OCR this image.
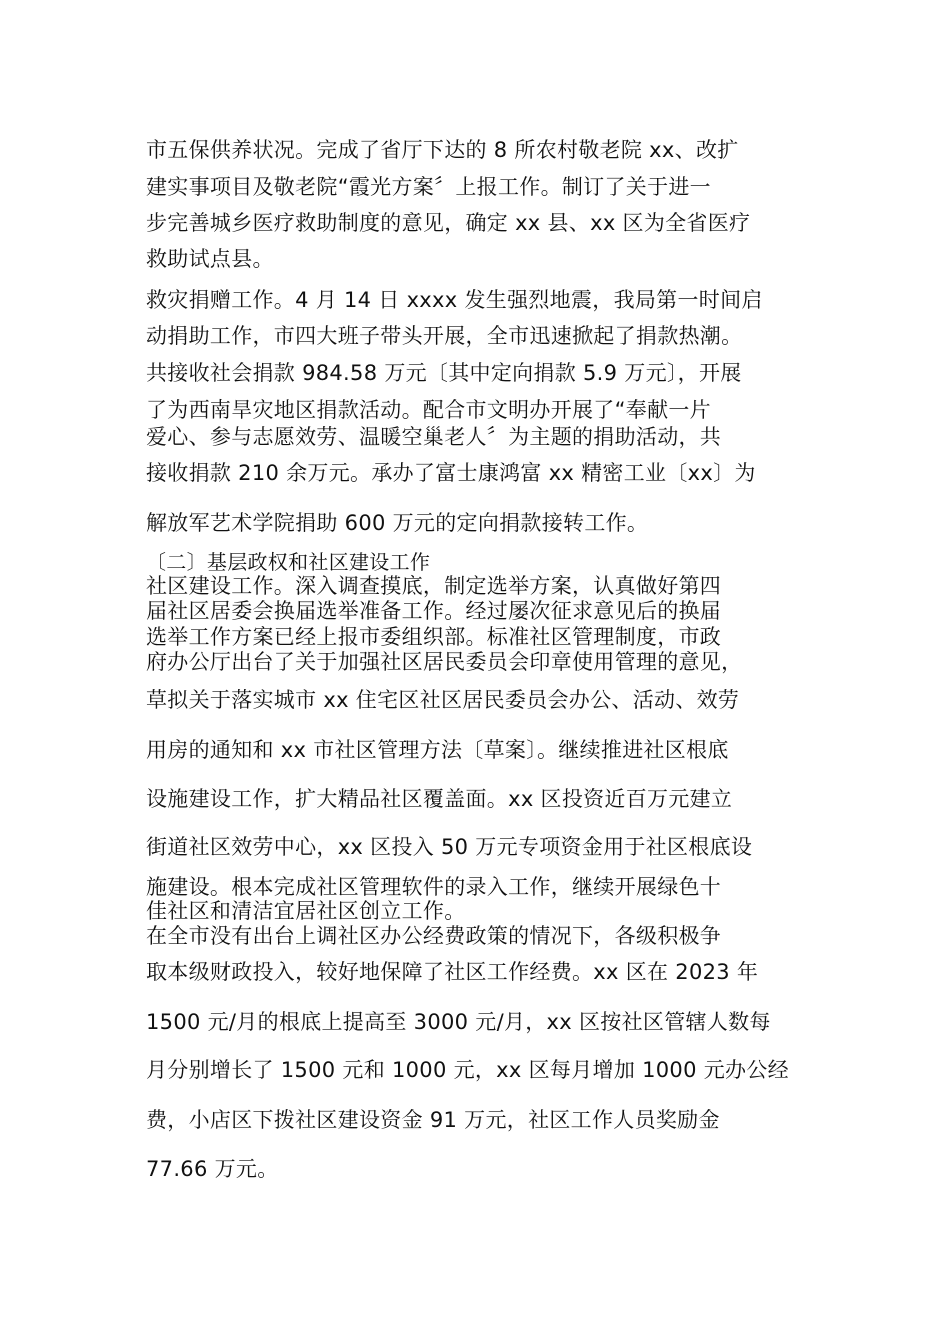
市五保供养状况。完成了省厅下达的 8 所农村敬老院 xx、改扩
建实事项目及敬老院“霞光方案〞上报工作。制订了关于进一
步完善城乡医疗救助制度的意见，确定 xx 县、xx 区为全省医疗
救助试点县。
救灾捐赠工作。4 月 14 日 xxxx 发生强烈地震，我局第一时间启
动捐助工作，市四大班子带头开展，全市迅速掀起了捐款热潮。
共接收社会捐款 984.58 万元〔其中定向捐款 5.9 万元〕，开展
了为西南旱灾地区捐款活动。配合市文明办开展了“奉献一片
爱心、参与志愿效劳、温暖空巢老人〞为主题的捐助活动，共
接收捐款 210 余万元。承办了富士康鸿富 xx 精密工业〔xx〕为
解放军艺术学院捐助 600 万元的定向捐款接转工作。
〔二〕基层政权和社区建设工作
社区建设工作。深入调查摸底，制定选举方案，认真做好第四
届社区居委会换届选举准备工作。经过屡次征求意见后的换届
选举工作方案已经上报市委组织部。标准社区管理制度，市政
府办公厅出台了关于加强社区居民委员会印章使用管理的意见，
草拟关于落实城市 xx 住宅区社区居民委员会办公、活动、效劳
用房的通知和 xx 市社区管理方法〔草案〕。继续推进社区根底
设施建设工作，扩大精品社区覆盖面。xx 区投资近百万元建立
街道社区效劳中心，xx 区投入 50 万元专项资金用于社区根底设
施建设。根本完成社区管理软件的录入工作，继续开展绿色十
佳社区和清洁宜居社区创立工作。
在全市没有出台上调社区办公经费政策的情况下，各级积极争
取本级财政投入，较好地保障了社区工作经费。xx 区在 2023 年
1500 元/月的根底上提高至 3000 元/月，xx 区按社区管辖人数每
月分别增长了 1500 元和 1000 元，xx 区每月增加 1000 元办公经
费，小店区下拨社区建设资金 91 万元，社区工作人员奖励金
77.66 万元。
